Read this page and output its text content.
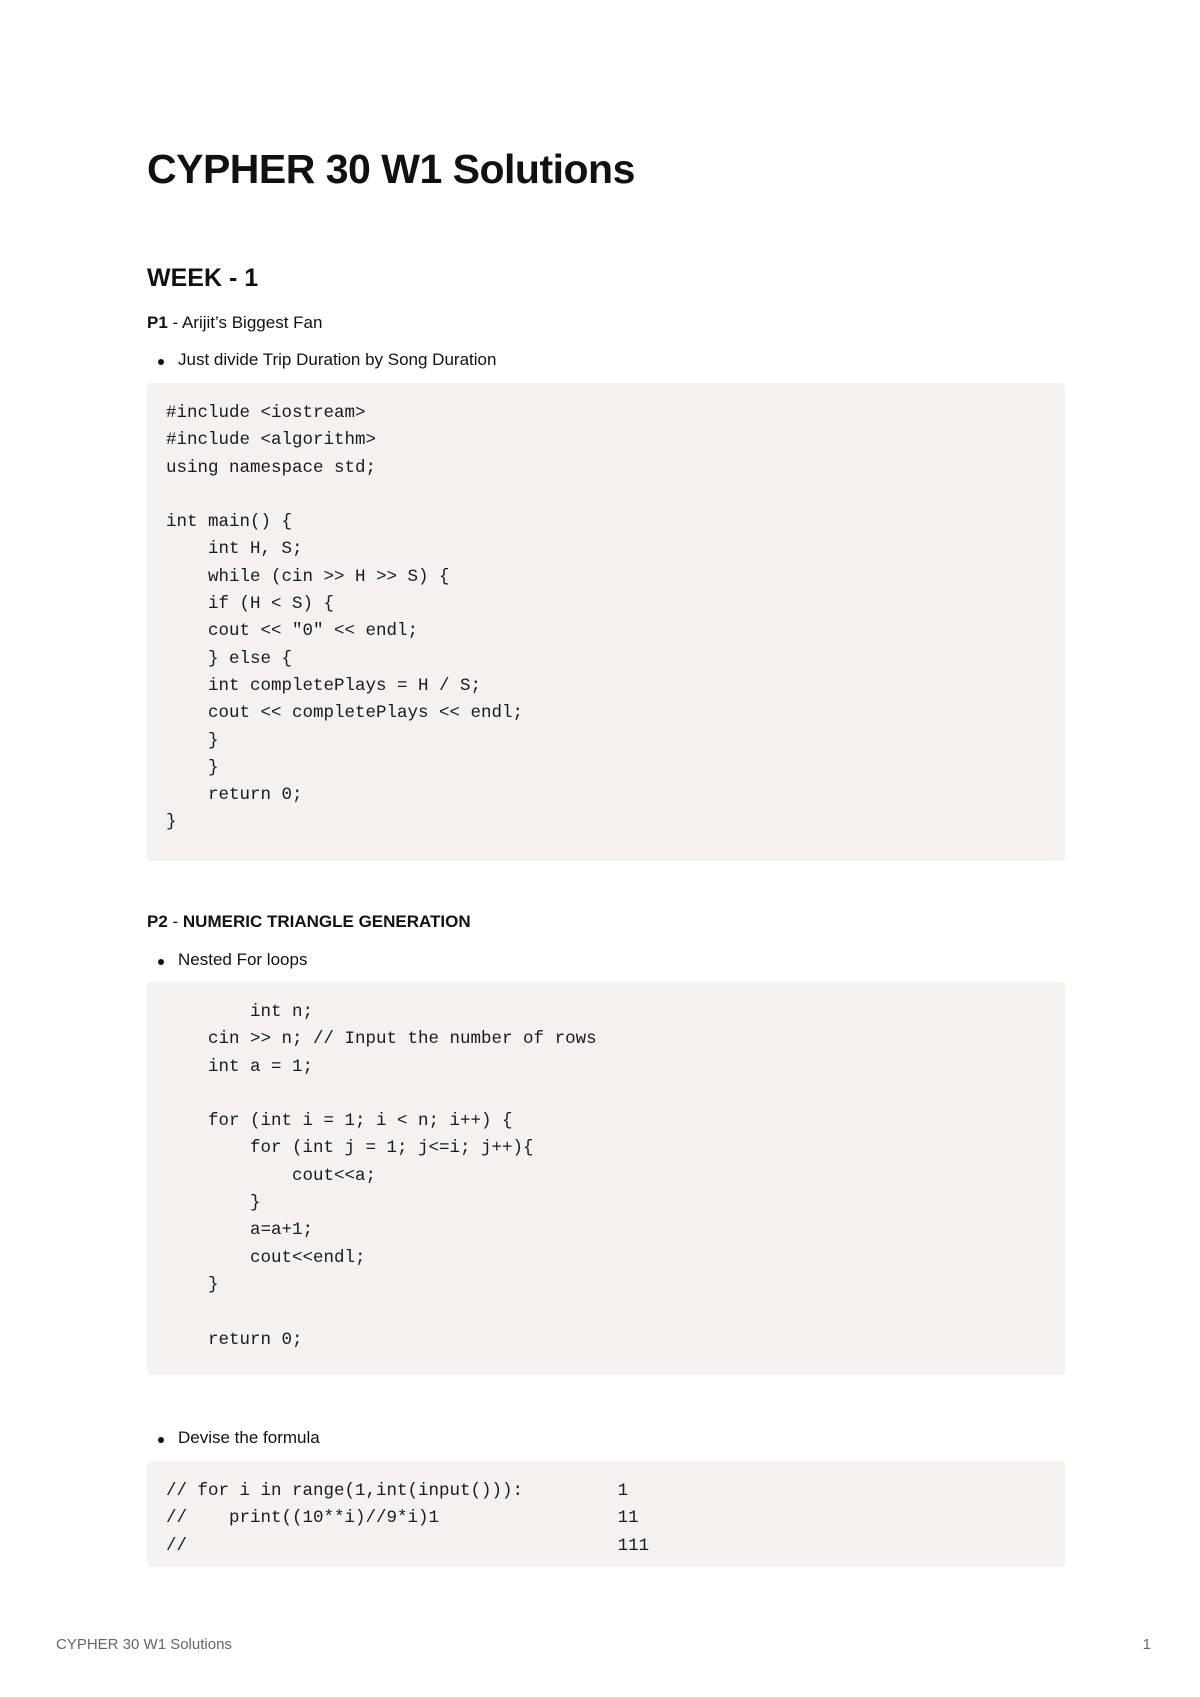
CYPHER 30 W1 Solutions
WEEK - 1

P1 - Arijit’s Biggest Fan

Just divide Trip Duration by Song Duration

#include <iostream>
#include <algorithm>
using namespace std;

int main() {
int H, S;
while (cin >> H >> S) {
if (H < S) {
cout << "0" << endl;
} else {
int completePlays = H / S;
cout << completePlays << endl;
}
}
return 0;
}

P2 - NUMERIC TRIANGLE GENERATION

Nested For loops

int n;
cin >> n; // Input the number of rows
int a = 1;

for (int i = 1; i < n; i++) {
for (int j = 1; j<=i; j++){
cout<<a;
}
a=a+1;
cout<<endl;
}

return 0;

Devise the formula

// for i in range(1,int(input())):         1
//    print((10**i)//9*i)1                 11
//                                         111
CYPHER 30 W1 Solutions	1
